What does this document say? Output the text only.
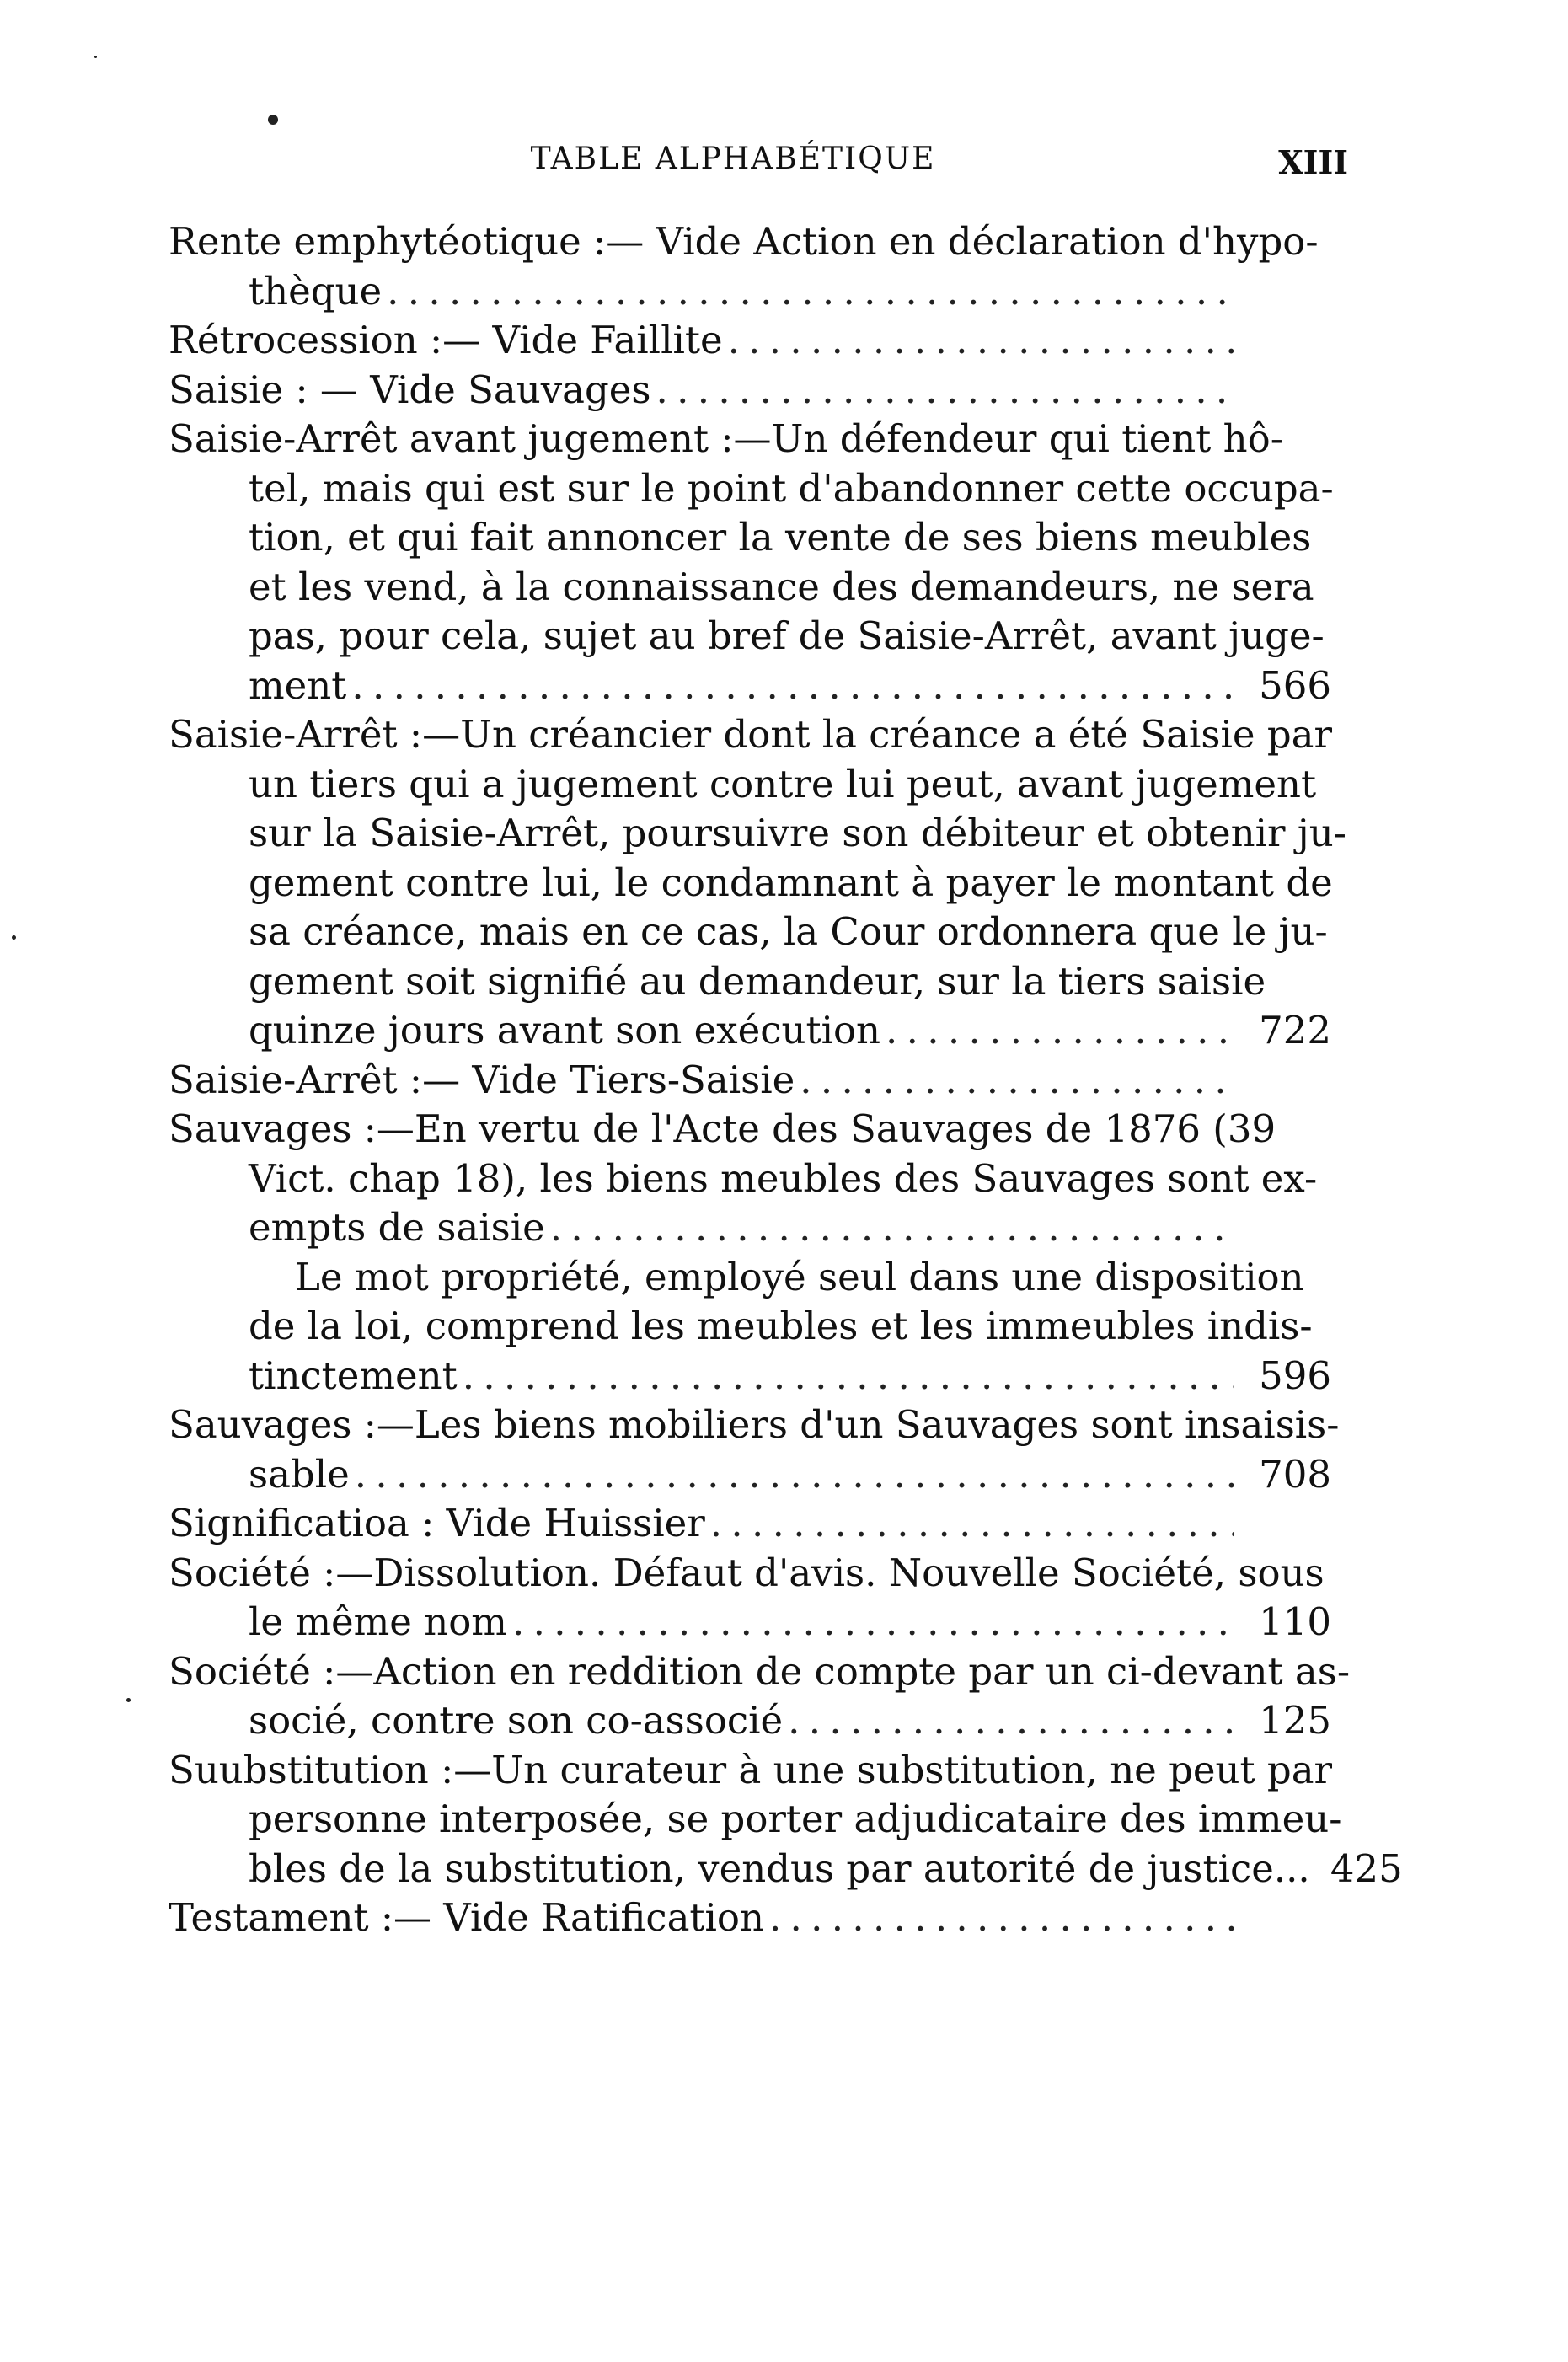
TABLE ALPHABÉTIQUE	XIII
Rente emphytéotique :— Vide Action en déclaration d'hypo-
thèque
. . .
Rétrocession :— Vide Faillite
. . .
Saisie : — Vide Sauvages
. . .
Saisie-Arrêt avant jugement :—Un défendeur qui tient hô-
tel, mais qui est sur le point d'abandonner cette occupa-
tion, et qui fait annoncer la vente de ses biens meubles
et les vend, à la connaissance des demandeurs, ne sera
pas, pour cela, sujet au bref de Saisie-Arrêt, avant juge-
ment . . .	566
Saisie-Arrêt :—Un créancier dont la créance a été Saisie par
un tiers qui a jugement contre lui peut, avant jugement
sur la Saisie-Arrêt, poursuivre son débiteur et obtenir ju-
gement contre lui, le condamnant à payer le montant de
sa créance, mais en ce cas, la Cour ordonnera que le ju-
gement soit signifié au demandeur, sur la tiers saisie
quinze jours avant son exécution . . .	722
Saisie-Arrêt :— Vide Tiers-Saisie
. . .
Sauvages :—En vertu de l'Acte des Sauvages de 1876 (39
Vict. chap 18), les biens meubles des Sauvages sont ex-
empts de saisie
. . .
Le mot propriété, employé seul dans une disposition
de la loi, comprend les meubles et les immeubles indis-
tinctement . . .	596
Sauvages :—Les biens mobiliers d'un Sauvages sont insaisis-
sable . . .	708
Significatioa : Vide Huissier
. . .
Société :—Dissolution. Défaut d'avis. Nouvelle Société, sous
le même nom . . .	110
Société :—Action en reddition de compte par un ci-devant as-
socié, contre son co-associé . . .	125
Suubstitution :—Un curateur à une substitution, ne peut par
personne interposée, se porter adjudicataire des immeu-
bles de la substitution, vendus par autorité de justice... 425
Testament :— Vide Ratification
. . .
